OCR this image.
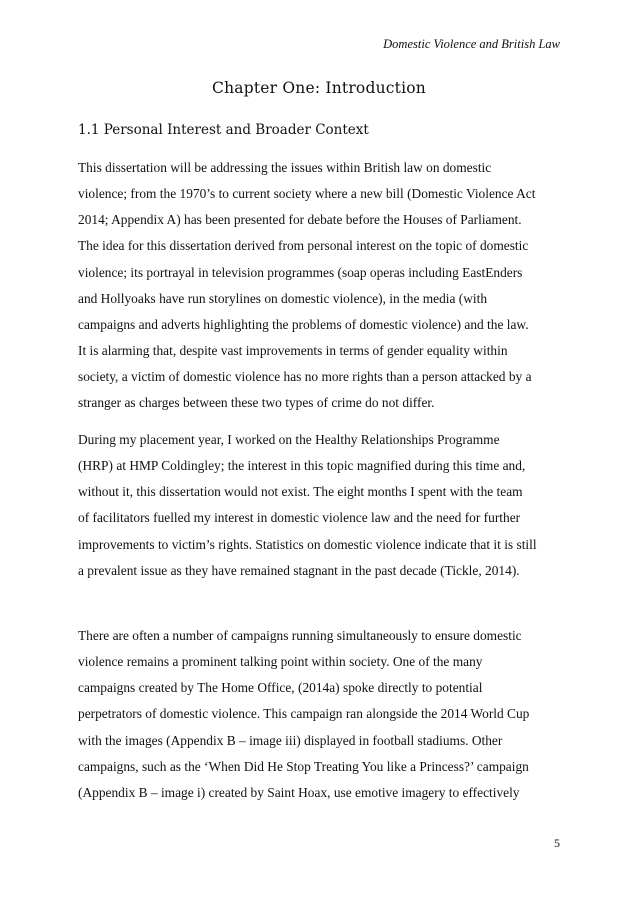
Domestic Violence and British Law
Chapter One: Introduction
1.1 Personal Interest and Broader Context
This dissertation will be addressing the issues within British law on domestic
violence; from the 1970’s to current society where a new bill (Domestic Violence Act
2014; Appendix A) has been presented for debate before the Houses of Parliament.
The idea for this dissertation derived from personal interest on the topic of domestic
violence; its portrayal in television programmes (soap operas including EastEnders
and Hollyoaks have run storylines on domestic violence), in the media (with
campaigns and adverts highlighting the problems of domestic violence) and the law.
It is alarming that, despite vast improvements in terms of gender equality within
society, a victim of domestic violence has no more rights than a person attacked by a
stranger as charges between these two types of crime do not differ.
During my placement year, I worked on the Healthy Relationships Programme
(HRP) at HMP Coldingley; the interest in this topic magnified during this time and,
without it, this dissertation would not exist. The eight months I spent with the team
of facilitators fuelled my interest in domestic violence law and the need for further
improvements to victim’s rights. Statistics on domestic violence indicate that it is still
a prevalent issue as they have remained stagnant in the past decade (Tickle, 2014).
There are often a number of campaigns running simultaneously to ensure domestic
violence remains a prominent talking point within society. One of the many
campaigns created by The Home Office, (2014a) spoke directly to potential
perpetrators of domestic violence. This campaign ran alongside the 2014 World Cup
with the images (Appendix B – image iii) displayed in football stadiums. Other
campaigns, such as the ‘When Did He Stop Treating You like a Princess?’ campaign
(Appendix B – image i) created by Saint Hoax, use emotive imagery to effectively
5
